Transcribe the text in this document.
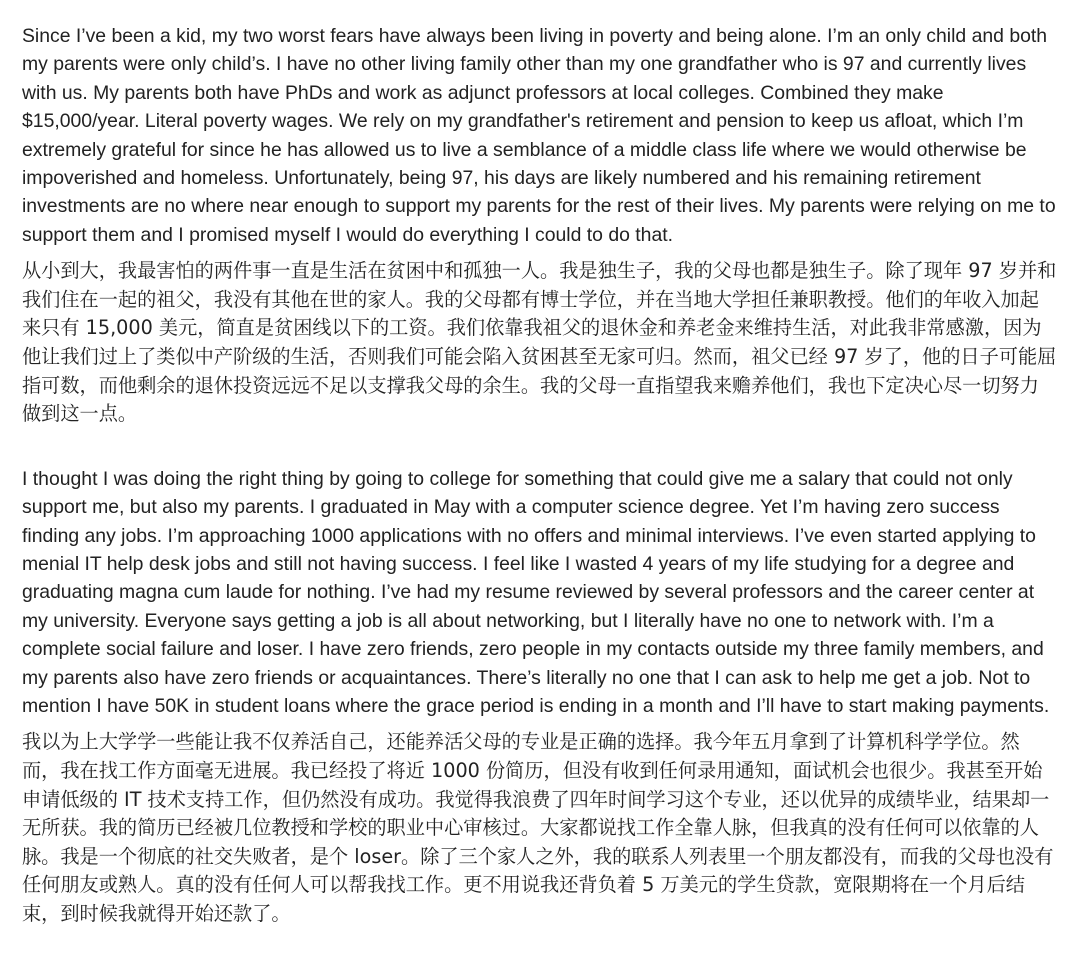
Since I’ve been a kid, my two worst fears have always been living in poverty and being alone. I’m an only child and both my parents were only child’s. I have no other living family other than my one grandfather who is 97 and currently lives with us. My parents both have PhDs and work as adjunct professors at local colleges. Combined they make $15,000/year. Literal poverty wages. We rely on my grandfather's retirement and pension to keep us afloat, which I’m extremely grateful for since he has allowed us to live a semblance of a middle class life where we would otherwise be impoverished and homeless. Unfortunately, being 97, his days are likely numbered and his remaining retirement investments are no where near enough to support my parents for the rest of their lives. My parents were relying on me to support them and I promised myself I would do everything I could to do that.

从小到大，我最害怕的两件事一直是生活在贫困中和孤独一人。我是独生子，我的父母也都是独生子。除了现年 97 岁并和我们住在一起的祖父，我没有其他在世的家人。我的父母都有博士学位，并在当地大学担任兼职教授。他们的年收入加起来只有 15,000 美元，简直是贫困线以下的工资。我们依靠我祖父的退休金和养老金来维持生活，对此我非常感激，因为他让我们过上了类似中产阶级的生活，否则我们可能会陷入贫困甚至无家可归。然而，祖父已经 97 岁了，他的日子可能屈指可数，而他剩余的退休投资远远不足以支撑我父母的余生。我的父母一直指望我来赡养他们，我也下定决心尽一切努力做到这一点。

I thought I was doing the right thing by going to college for something that could give me a salary that could not only support me, but also my parents. I graduated in May with a computer science degree. Yet I’m having zero success finding any jobs. I’m approaching 1000 applications with no offers and minimal interviews. I’ve even started applying to menial IT help desk jobs and still not having success. I feel like I wasted 4 years of my life studying for a degree and graduating magna cum laude for nothing. I’ve had my resume reviewed by several professors and the career center at my university. Everyone says getting a job is all about networking, but I literally have no one to network with. I’m a complete social failure and loser. I have zero friends, zero people in my contacts outside my three family members, and my parents also have zero friends or acquaintances. There’s literally no one that I can ask to help me get a job. Not to mention I have 50K in student loans where the grace period is ending in a month and I’ll have to start making payments.

我以为上大学学一些能让我不仅养活自己，还能养活父母的专业是正确的选择。我今年五月拿到了计算机科学学位。然而，我在找工作方面毫无进展。我已经投了将近 1000 份简历，但没有收到任何录用通知，面试机会也很少。我甚至开始申请低级的 IT 技术支持工作，但仍然没有成功。我觉得我浪费了四年时间学习这个专业，还以优异的成绩毕业，结果却一无所获。我的简历已经被几位教授和学校的职业中心审核过。大家都说找工作全靠人脉，但我真的没有任何可以依靠的人脉。我是一个彻底的社交失败者，是个 loser。除了三个家人之外，我的联系人列表里一个朋友都没有，而我的父母也没有任何朋友或熟人。真的没有任何人可以帮我找工作。更不用说我还背负着 5 万美元的学生贷款，宽限期将在一个月后结束，到时候我就得开始还款了。
